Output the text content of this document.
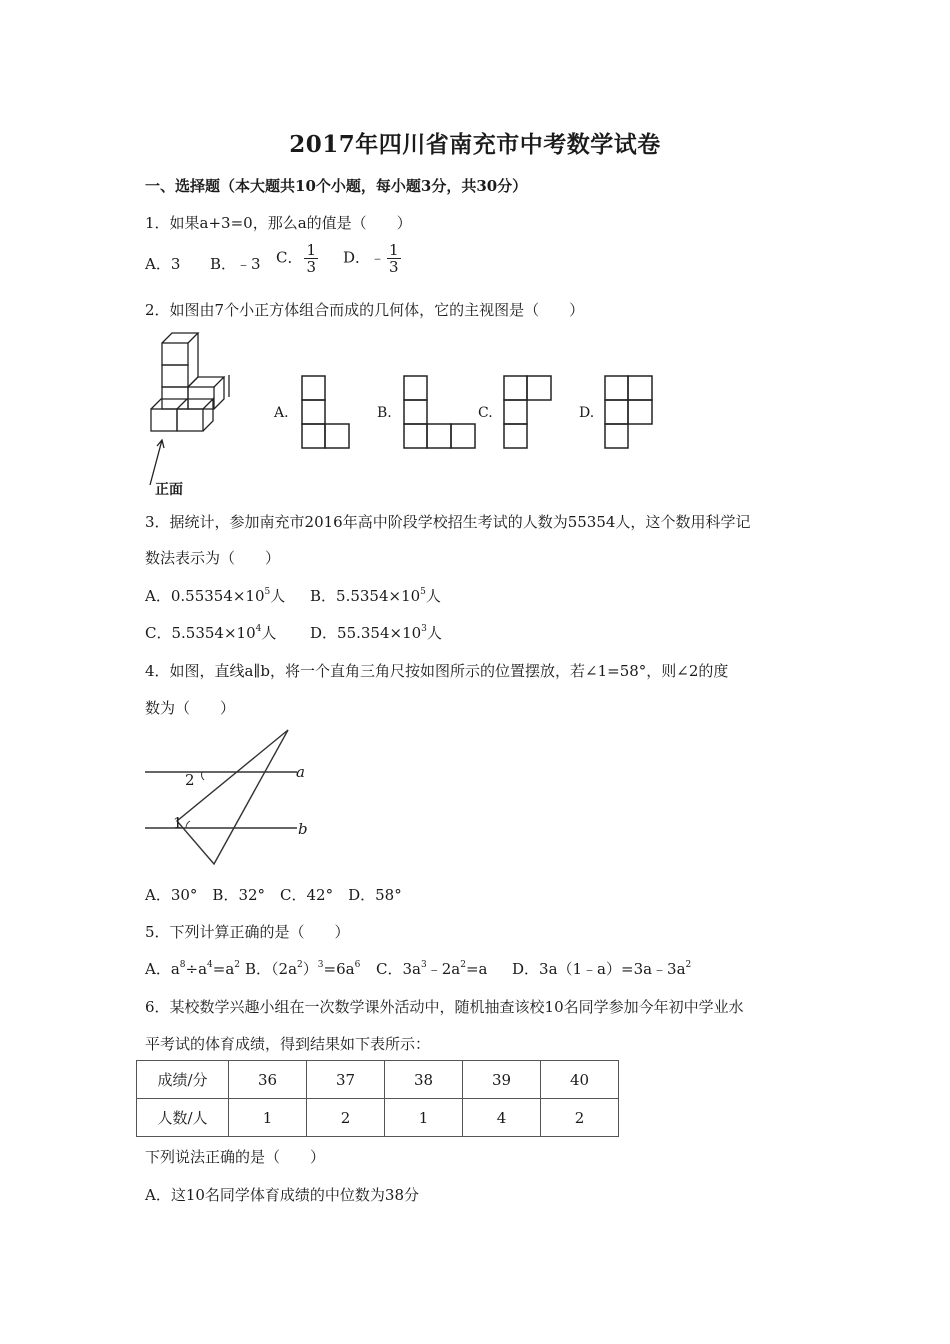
2017年四川省南充市中考数学试卷
一、选择题（本大题共10个小题，每小题3分，共30分）
1．如果a+3=0，那么a的值是（　　）
A．3 B．﹣3 C． $\frac{1}{3}$ D．﹣ $\frac{1}{3}$
2．如图由7个小正方体组合而成的几何体，它的主视图是（　　）
正面
A.	B.	C.	D.
3．据统计，参加南充市2016年高中阶段学校招生考试的人数为55354人，这个数用科学记
数法表示为（　　）
A．$0.55354\times 10^5$人 B．$5.5354\times 10^5$人
C．$5.5354\times 10^4$人 D．$55.354\times 10^3$人
4．如图，直线a∥b，将一个直角三角尺按如图所示的位置摆放，若∠1=58°，则∠2的度
数为（　　）
a
b
2
1
A．30°　B．32°　C．42°　D．58°
5．下列计算正确的是（　　）
A．$a^8\div a^4=a^2$ B．$(2a^2)^3=6a^6$ C．$3a^3﹣2a^2=a$ D．$3a(1﹣a)=3a﹣3a^2$
6．某校数学兴趣小组在一次数学课外活动中，随机抽查该校10名同学参加今年初中学业水
平考试的体育成绩，得到结果如下表所示：
成绩/分	36	37	38	39	40
人数/人	1	2	1	4	2
下列说法正确的是（　　）
A．这10名同学体育成绩的中位数为38分
